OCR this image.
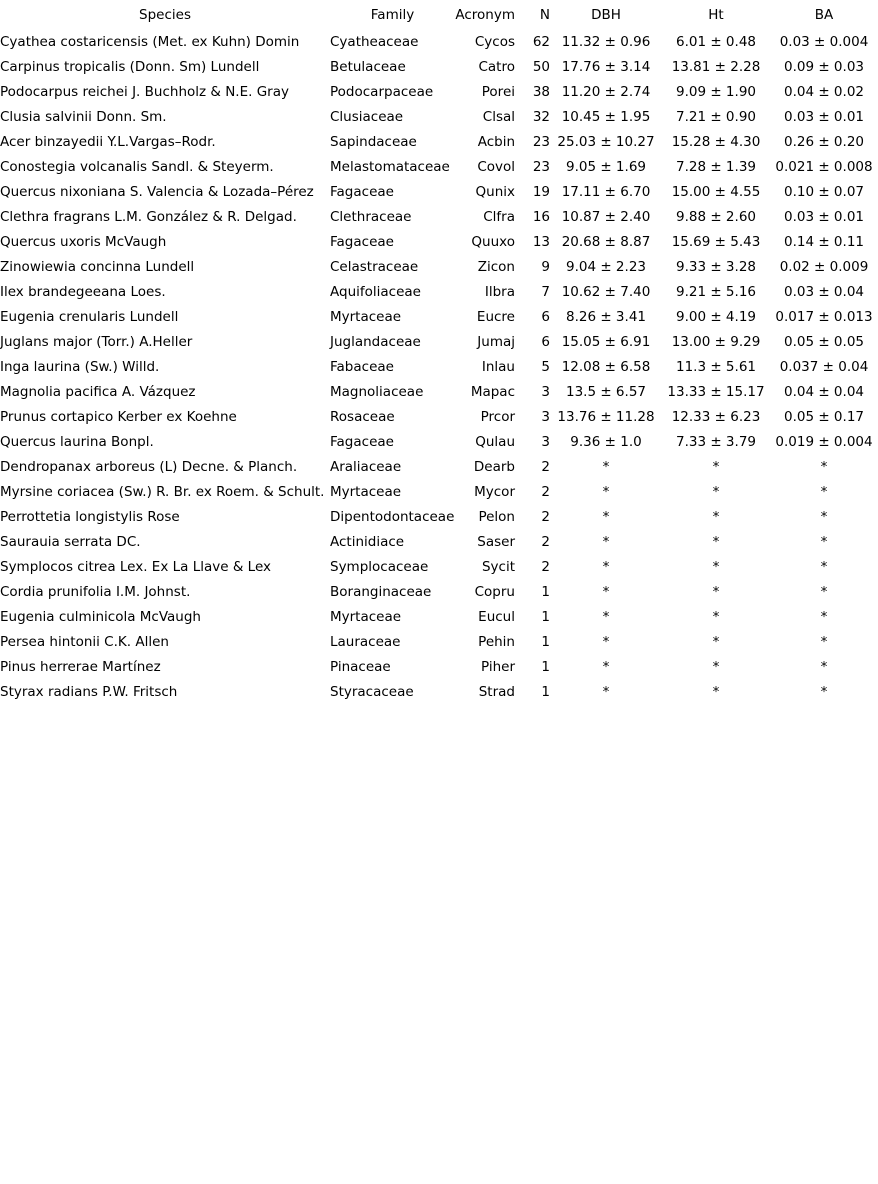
Species	Family	Acronym	N	DBH	Ht	BA
Cyathea costaricensis (Met. ex Kuhn) Domin	Cyatheaceae	Cycos	62	11.32 ± 0.96	6.01 ± 0.48	0.03 ± 0.004
Carpinus tropicalis (Donn. Sm) Lundell	Betulaceae	Catro	50	17.76 ± 3.14	13.81 ± 2.28	0.09 ± 0.03
Podocarpus reichei J. Buchholz & N.E. Gray	Podocarpaceae	Porei	38	11.20 ± 2.74	9.09 ± 1.90	0.04 ± 0.02
Clusia salvinii Donn. Sm.	Clusiaceae	Clsal	32	10.45 ± 1.95	7.21 ± 0.90	0.03 ± 0.01
Acer binzayedii Y.L.Vargas–Rodr.	Sapindaceae	Acbin	23	25.03 ± 10.27	15.28 ± 4.30	0.26 ± 0.20
Conostegia volcanalis Sandl. & Steyerm.	Melastomataceae	Covol	23	9.05 ± 1.69	7.28 ± 1.39	0.021 ± 0.008
Quercus nixoniana S. Valencia & Lozada–Pérez	Fagaceae	Qunix	19	17.11 ± 6.70	15.00 ± 4.55	0.10 ± 0.07
Clethra fragrans L.M. González & R. Delgad.	Clethraceae	Clfra	16	10.87 ± 2.40	9.88 ± 2.60	0.03 ± 0.01
Quercus uxoris McVaugh	Fagaceae	Quuxo	13	20.68 ± 8.87	15.69 ± 5.43	0.14 ± 0.11
Zinowiewia concinna Lundell	Celastraceae	Zicon	9	9.04 ± 2.23	9.33 ± 3.28	0.02 ± 0.009
Ilex brandegeeana Loes.	Aquifoliaceae	Ilbra	7	10.62 ± 7.40	9.21 ± 5.16	0.03 ± 0.04
Eugenia crenularis Lundell	Myrtaceae	Eucre	6	8.26 ± 3.41	9.00 ± 4.19	0.017 ± 0.013
Juglans major (Torr.) A.Heller	Juglandaceae	Jumaj	6	15.05 ± 6.91	13.00 ± 9.29	0.05 ± 0.05
Inga laurina (Sw.) Willd.	Fabaceae	Inlau	5	12.08 ± 6.58	11.3 ± 5.61	0.037 ± 0.04
Magnolia pacifica A. Vázquez	Magnoliaceae	Mapac	3	13.5 ± 6.57	13.33 ± 15.17	0.04 ± 0.04
Prunus cortapico Kerber ex Koehne	Rosaceae	Prcor	3	13.76 ± 11.28	12.33 ± 6.23	0.05 ± 0.17
Quercus laurina Bonpl.	Fagaceae	Qulau	3	9.36 ± 1.0	7.33 ± 3.79	0.019 ± 0.004
Dendropanax arboreus (L) Decne. & Planch.	Araliaceae	Dearb	2	*	*	*
Myrsine coriacea (Sw.) R. Br. ex Roem. & Schult.	Myrtaceae	Mycor	2	*	*	*
Perrottetia longistylis Rose	Dipentodontaceae	Pelon	2	*	*	*
Saurauia serrata DC.	Actinidiace	Saser	2	*	*	*
Symplocos citrea Lex. Ex La Llave & Lex	Symplocaceae	Sycit	2	*	*	*
Cordia prunifolia I.M. Johnst.	Boranginaceae	Copru	1	*	*	*
Eugenia culminicola McVaugh	Myrtaceae	Eucul	1	*	*	*
Persea hintonii C.K. Allen	Lauraceae	Pehin	1	*	*	*
Pinus herrerae Martínez	Pinaceae	Piher	1	*	*	*
Styrax radians P.W. Fritsch	Styracaceae	Strad	1	*	*	*
